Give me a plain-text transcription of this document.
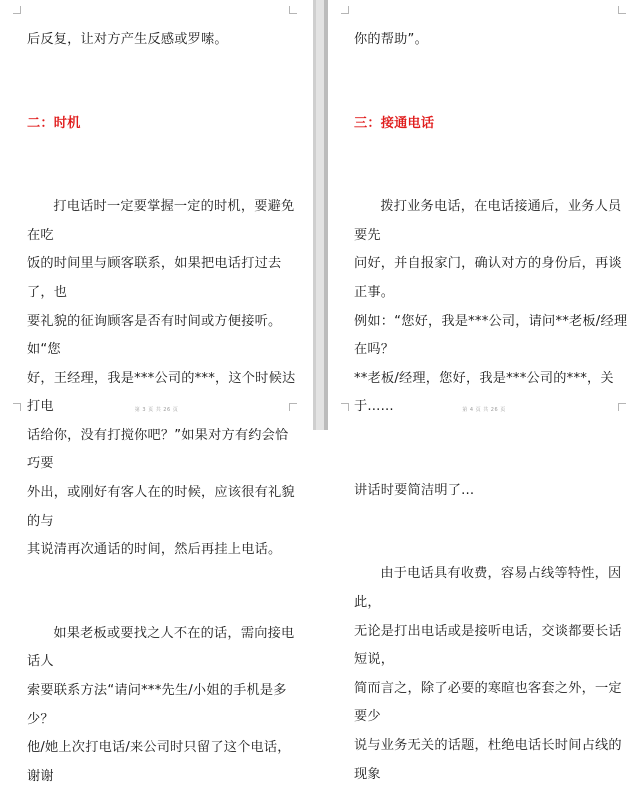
后反复，让对方产生反感或罗嗦。

二：时机

打电话时一定要掌握一定的时机，要避免在吃

饭的时间里与顾客联系，如果把电话打过去了，也

要礼貌的征询顾客是否有时间或方便接听。如“您

好，王经理，我是***公司的***，这个时候达打电

话给你，没有打搅你吧？”如果对方有约会恰巧要

外出，或刚好有客人在的时候，应该很有礼貌的与

其说清再次通话的时间，然后再挂上电话。

如果老板或要找之人不在的话，需向接电话人

索要联系方法“请问***先生/小姐的手机是多少？

他/她上次打电话/来公司时只留了这个电话，谢谢

第 3 页 共 26 页

你的帮助”。

三：接通电话

拨打业务电话，在电话接通后，业务人员要先

问好，并自报家门，确认对方的身份后，再谈正事。

例如：“您好，我是***公司，请问**老板/经理在吗？

**老板/经理，您好，我是***公司的***，关于......

讲话时要简洁明了...

由于电话具有收费，容易占线等特性，因此，

无论是打出电话或是接听电话，交谈都要长话短说，

简而言之，除了必要的寒暄也客套之外，一定要少

说与业务无关的话题，杜绝电话长时间占线的现象

第 4 页 共 26 页
